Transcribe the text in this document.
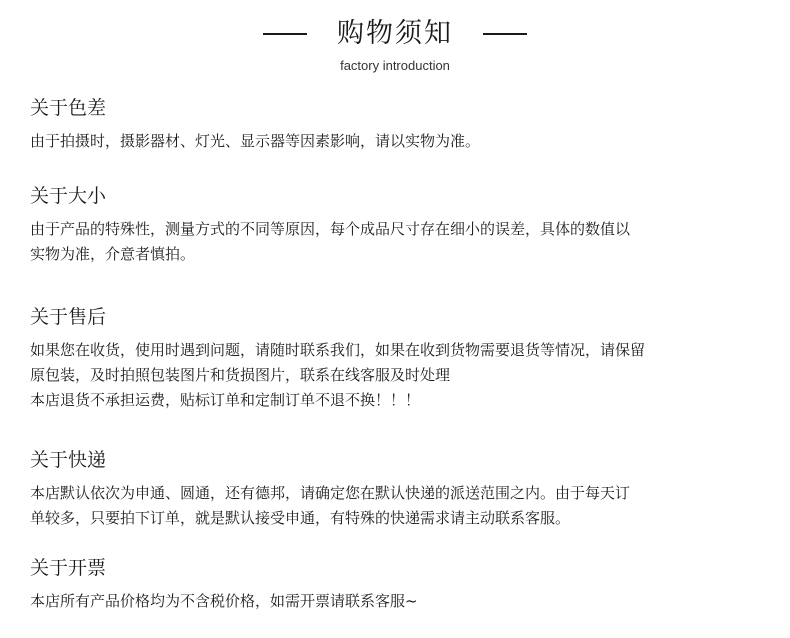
购物须知
factory introduction
关于色差
由于拍摄时，摄影器材、灯光、显示器等因素影响，请以实物为准。
关于大小
由于产品的特殊性，测量方式的不同等原因，每个成品尺寸存在细小的误差，具体的数值以
实物为准，介意者慎拍。
关于售后
如果您在收货，使用时遇到问题，请随时联系我们，如果在收到货物需要退货等情况，请保留
原包装，及时拍照包装图片和货损图片，联系在线客服及时处理
本店退货不承担运费，贴标订单和定制订单不退不换！！！
关于快递
本店默认依次为申通、圆通，还有德邦，请确定您在默认快递的派送范围之内。由于每天订
单较多，只要拍下订单，就是默认接受申通，有特殊的快递需求请主动联系客服。
关于开票
本店所有产品价格均为不含税价格，如需开票请联系客服~
